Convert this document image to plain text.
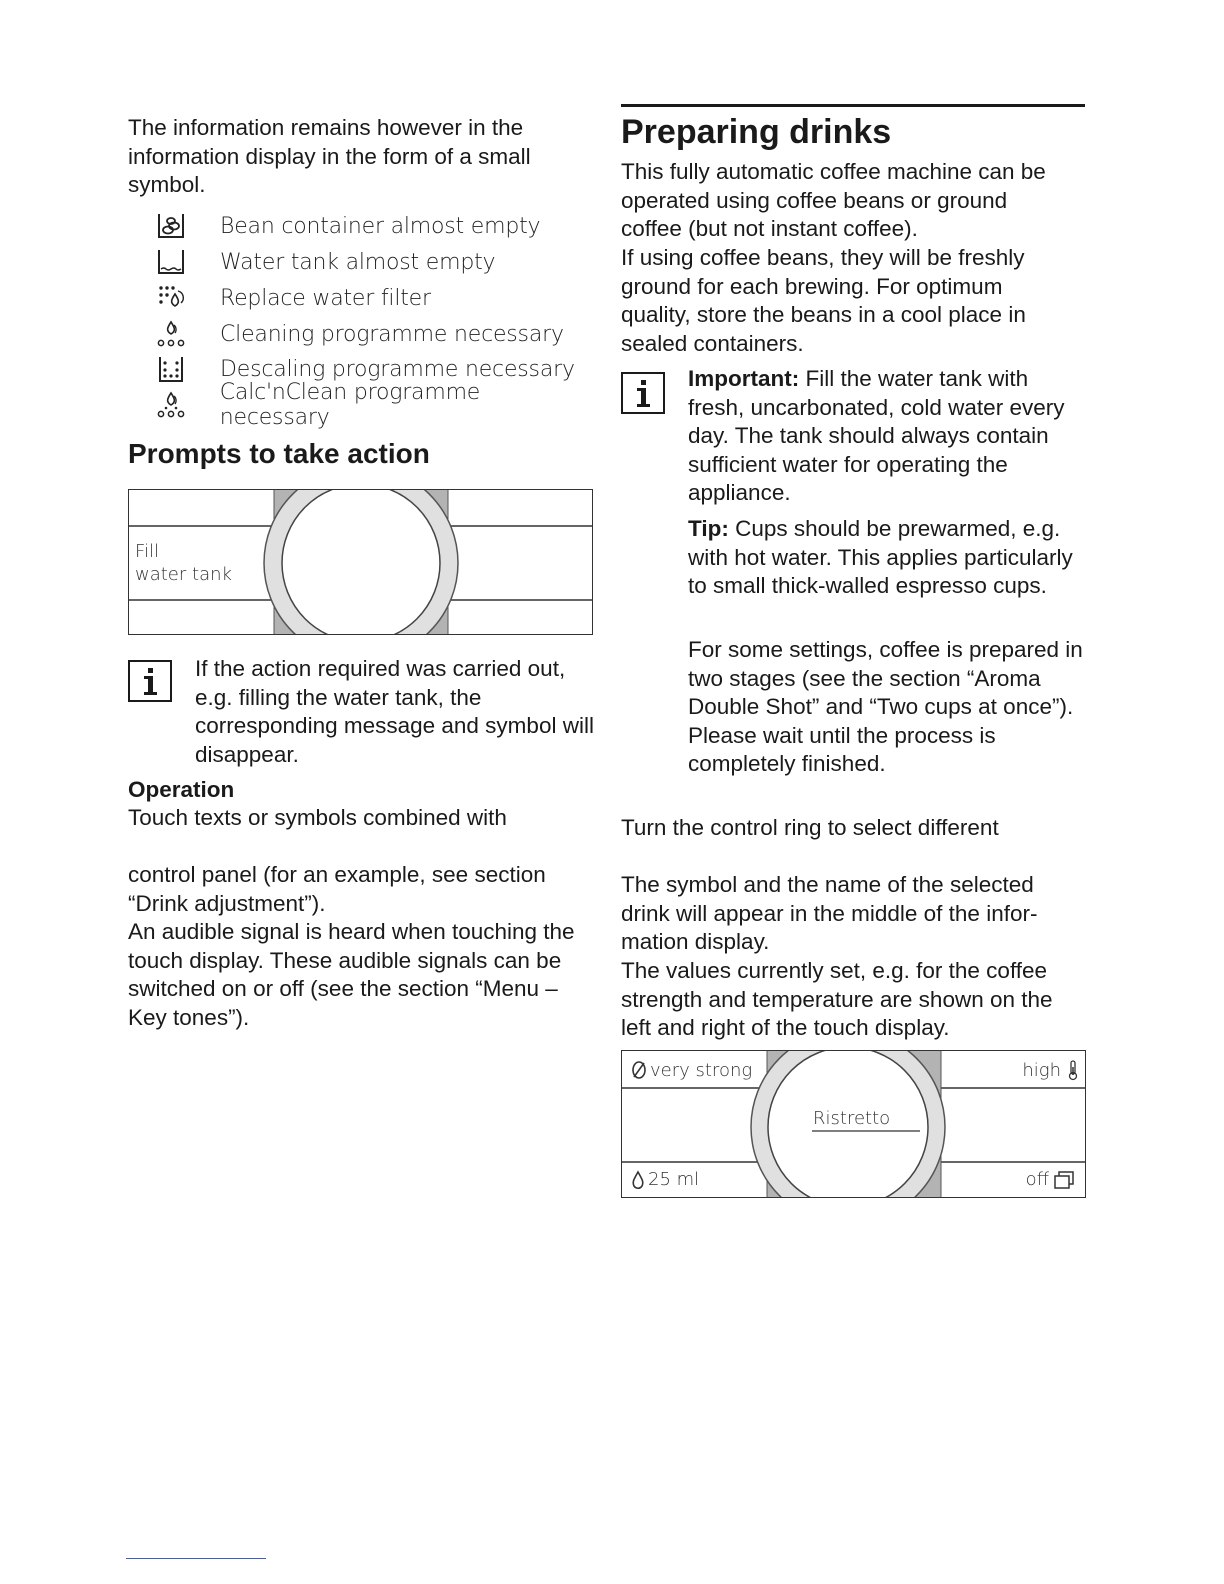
The information remains however in the information display in the form of a small symbol.

Bean container almost empty
Water tank almost empty
Replace water filter
Cleaning programme necessary
Descaling programme necessary
Calc'nClean programme necessary
Prompts to take action
Fill
water tank

If the action required was carried out, e.g. filling the water tank, the corresponding message and symbol will disappear.

Operation

Touch texts or symbols combined with

control panel (for an example, see section “Drink adjustment”).

An audible signal is heard when touching the touch display. These audible signals can be switched on or off (see the section “Menu – Key tones”).

Preparing drinks

This fully automatic coffee machine can be operated using coffee beans or ground coffee (but not instant coffee).

If using coffee beans, they will be freshly ground for each brewing. For optimum quality, store the beans in a cool place in sealed containers.

Important: Fill the water tank with fresh, uncarbonated, cold water every day. The tank should always contain sufficient water for operating the appliance.

Tip: Cups should be prewarmed, e.g. with hot water. This applies particularly to small thick-walled espresso cups.

For some settings, coffee is prepared in two stages (see the section “Aroma Double Shot” and “Two cups at once”). Please wait until the process is completely finished.

Turn the control ring to select different

The symbol and the name of the selected drink will appear in the middle of the information display.

The values currently set, e.g. for the coffee strength and temperature are shown on the left and right of the touch display.

very strong	high
Ristretto
25 ml	off
